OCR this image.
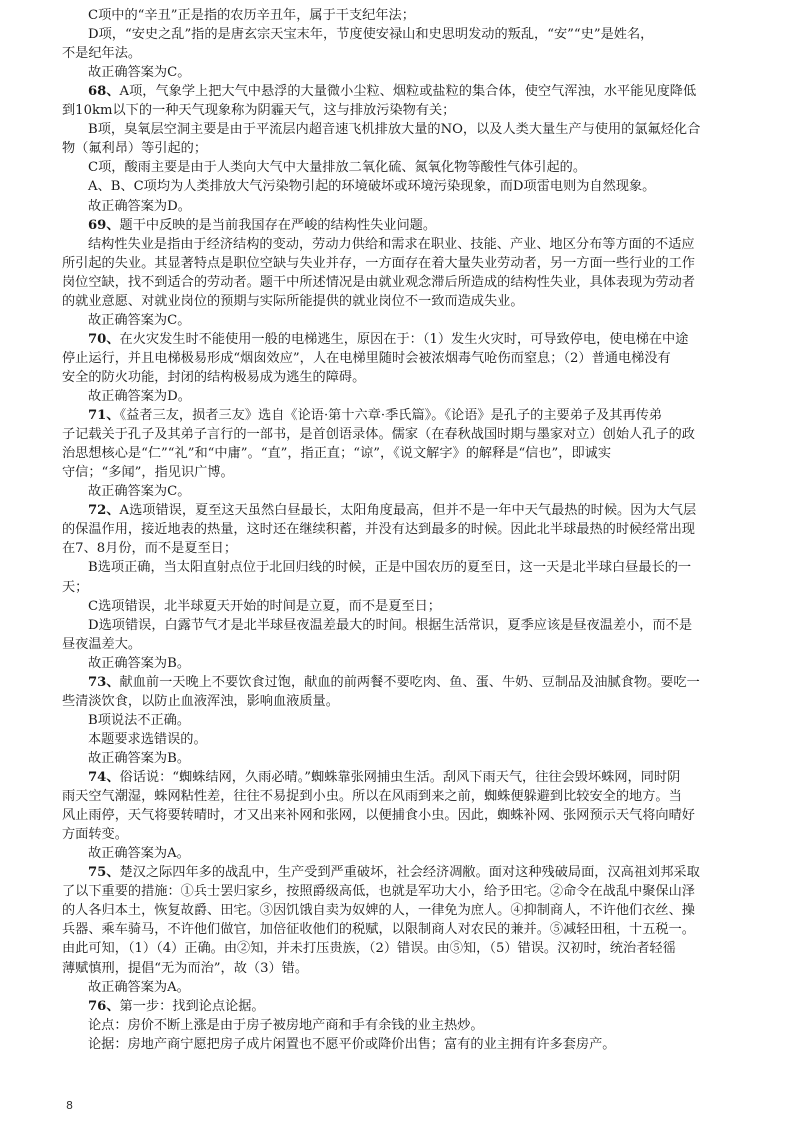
C项中的“辛丑”正是指的农历辛丑年，属于干支纪年法；
D项，“安史之乱”指的是唐玄宗天宝末年，节度使安禄山和史思明发动的叛乱，“安”“史”是姓名，
不是纪年法。
故正确答案为C。
68、A项，气象学上把大气中悬浮的大量微小尘粒、烟粒或盐粒的集合体，使空气浑浊，水平能见度降低
到10km以下的一种天气现象称为阴霾天气，这与排放污染物有关；
B项，臭氧层空洞主要是由于平流层内超音速飞机排放大量的NO，以及人类大量生产与使用的氯氟烃化合
物（氟利昂）等引起的；
C项，酸雨主要是由于人类向大气中大量排放二氧化硫、氮氧化物等酸性气体引起的。
A、B、C项均为人类排放大气污染物引起的环境破坏或环境污染现象，而D项雷电则为自然现象。
故正确答案为D。
69、题干中反映的是当前我国存在严峻的结构性失业问题。
结构性失业是指由于经济结构的变动，劳动力供给和需求在职业、技能、产业、地区分布等方面的不适应
所引起的失业。其显著特点是职位空缺与失业并存，一方面存在着大量失业劳动者，另一方面一些行业的工作
岗位空缺，找不到适合的劳动者。题干中所述情况是由就业观念滞后所造成的结构性失业，具体表现为劳动者
的就业意愿、对就业岗位的预期与实际所能提供的就业岗位不一致而造成失业。
故正确答案为C。
70、在火灾发生时不能使用一般的电梯逃生，原因在于：（1）发生火灾时，可导致停电，使电梯在中途
停止运行，并且电梯极易形成“烟囱效应”，人在电梯里随时会被浓烟毒气呛伤而窒息；（2）普通电梯没有
安全的防火功能，封闭的结构极易成为逃生的障碍。
故正确答案为D。
71、《益者三友，损者三友》选自《论语·第十六章·季氏篇》。《论语》是孔子的主要弟子及其再传弟
子记载关于孔子及其弟子言行的一部书，是首创语录体。儒家（在春秋战国时期与墨家对立）创始人孔子的政
治思想核心是“仁”“礼”和“中庸”。“直”，指正直；“谅”，《说文解字》的解释是“信也”，即诚实
守信；“多闻”，指见识广博。
故正确答案为C。
72、A选项错误，夏至这天虽然白昼最长，太阳角度最高，但并不是一年中天气最热的时候。因为大气层
的保温作用，接近地表的热量，这时还在继续积蓄，并没有达到最多的时候。因此北半球最热的时候经常出现
在7、8月份，而不是夏至日；
B选项正确，当太阳直射点位于北回归线的时候，正是中国农历的夏至日，这一天是北半球白昼最长的一
天；
C选项错误，北半球夏天开始的时间是立夏，而不是夏至日；
D选项错误，白露节气才是北半球昼夜温差最大的时间。根据生活常识，夏季应该是昼夜温差小，而不是
昼夜温差大。
故正确答案为B。
73、献血前一天晚上不要饮食过饱，献血的前两餐不要吃肉、鱼、蛋、牛奶、豆制品及油腻食物。要吃一
些清淡饮食，以防止血液浑浊，影响血液质量。
B项说法不正确。
本题要求选错误的。
故正确答案为B。
74、俗话说：“蜘蛛结网，久雨必晴。”蜘蛛靠张网捕虫生活。刮风下雨天气，往往会毁坏蛛网，同时阴
雨天空气潮湿，蛛网粘性差，往往不易捉到小虫。所以在风雨到来之前，蜘蛛便躲避到比较安全的地方。当
风止雨停，天气将要转晴时，才又出来补网和张网，以便捕食小虫。因此，蜘蛛补网、张网预示天气将向晴好
方面转变。
故正确答案为A。
75、楚汉之际四年多的战乱中，生产受到严重破坏，社会经济凋敝。面对这种残破局面，汉高祖刘邦采取
了以下重要的措施：①兵士罢归家乡，按照爵级高低，也就是军功大小，给予田宅。②命令在战乱中聚保山泽
的人各归本土，恢复故爵、田宅。③因饥饿自卖为奴婢的人，一律免为庶人。④抑制商人，不许他们衣丝、操
兵器、乘车骑马，不许他们做官，加倍征收他们的税赋，以限制商人对农民的兼并。⑤减轻田租，十五税一。
由此可知，（1）（4）正确。由②知，并未打压贵族，（2）错误。由⑤知，（5）错误。汉初时，统治者轻徭
薄赋慎刑，提倡“无为而治”，故（3）错。
故正确答案为A。
76、第一步：找到论点论据。
论点：房价不断上涨是由于房子被房地产商和手有余钱的业主热炒。
论据：房地产商宁愿把房子成片闲置也不愿平价或降价出售；富有的业主拥有许多套房产。
8
